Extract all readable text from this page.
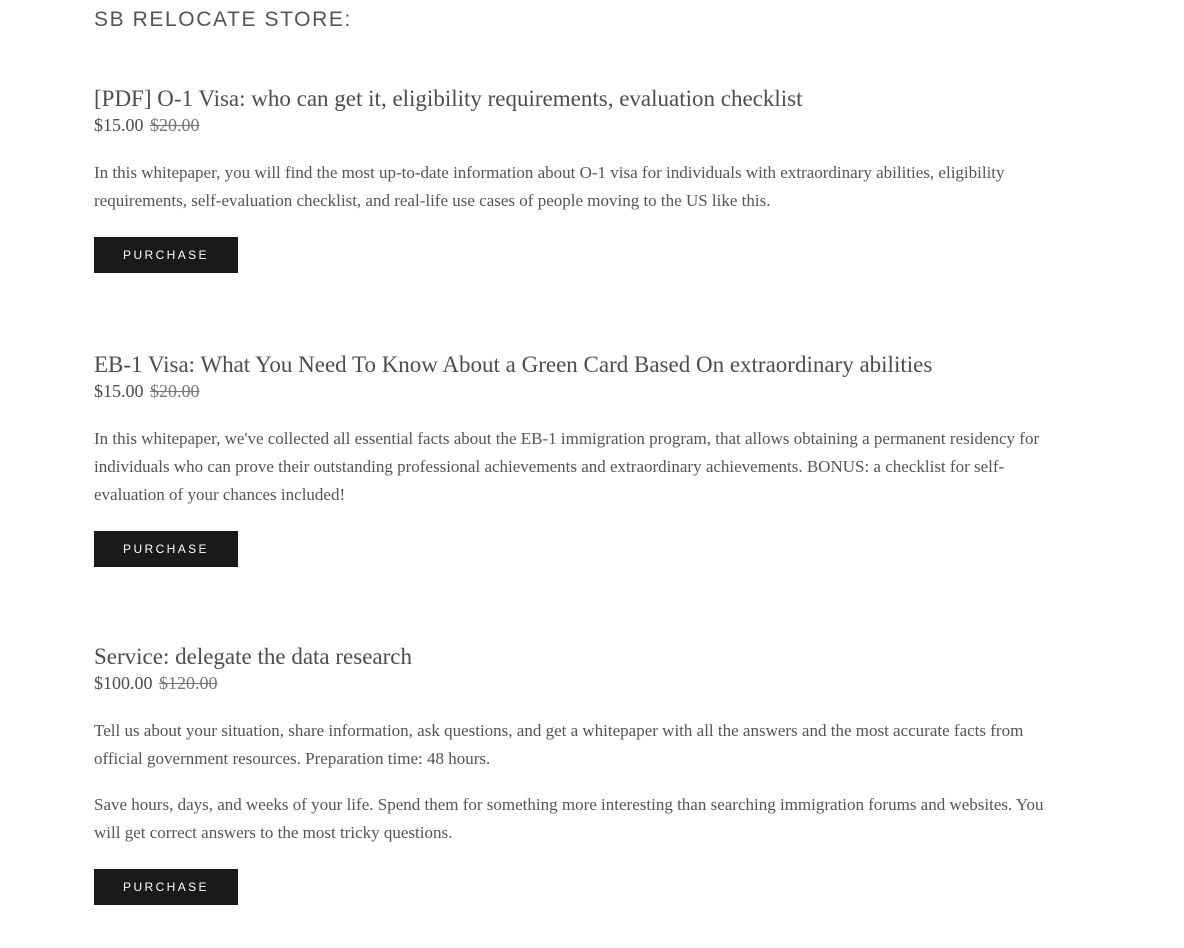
SB RELOCATE STORE:
[PDF] O-1 Visa: who can get it, eligibility requirements, evaluation checklist
$15.00 $20.00

In this whitepaper, you will find the most up-to-date information about O-1 visa for individuals with extraordinary abilities, eligibility requirements, self-evaluation checklist, and real-life use cases of people moving to the US like this.

PURCHASE
EB-1 Visa: What You Need To Know About a Green Card Based On extraordinary abilities
$15.00 $20.00

In this whitepaper, we've collected all essential facts about the EB-1 immigration program, that allows obtaining a permanent residency for individuals who can prove their outstanding professional achievements and extraordinary achievements. BONUS: a checklist for self-evaluation of your chances included!

PURCHASE
Service: delegate the data research
$100.00 $120.00

Tell us about your situation, share information, ask questions, and get a whitepaper with all the answers and the most accurate facts from official government resources. Preparation time: 48 hours.

Save hours, days, and weeks of your life. Spend them for something more interesting than searching immigration forums and websites. You will get correct answers to the most tricky questions.

PURCHASE
